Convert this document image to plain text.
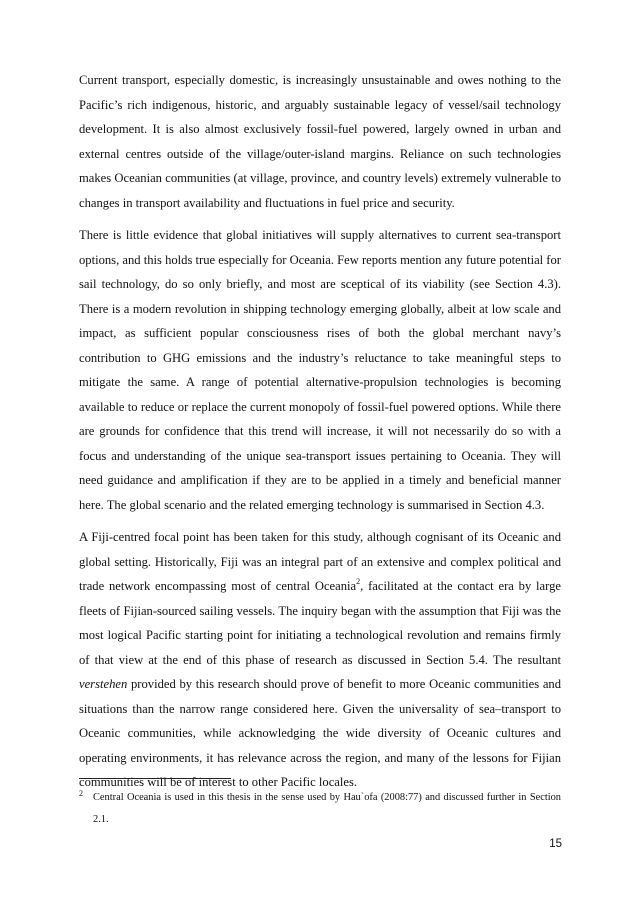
Current transport, especially domestic, is increasingly unsustainable and owes nothing to the Pacific’s rich indigenous, historic, and arguably sustainable legacy of vessel/sail technology development. It is also almost exclusively fossil-fuel powered, largely owned in urban and external centres outside of the village/outer-island margins. Reliance on such technologies makes Oceanian communities (at village, province, and country levels) extremely vulnerable to changes in transport availability and fluctuations in fuel price and security.

There is little evidence that global initiatives will supply alternatives to current sea-transport options, and this holds true especially for Oceania. Few reports mention any future potential for sail technology, do so only briefly, and most are sceptical of its viability (see Section 4.3). There is a modern revolution in shipping technology emerging globally, albeit at low scale and impact, as sufficient popular consciousness rises of both the global merchant navy’s contribution to GHG emissions and the industry’s reluctance to take meaningful steps to mitigate the same. A range of potential alternative-propulsion technologies is becoming available to reduce or replace the current monopoly of fossil-fuel powered options. While there are grounds for confidence that this trend will increase, it will not necessarily do so with a focus and understanding of the unique sea-transport issues pertaining to Oceania. They will need guidance and amplification if they are to be applied in a timely and beneficial manner here. The global scenario and the related emerging technology is summarised in Section 4.3.

A Fiji-centred focal point has been taken for this study, although cognisant of its Oceanic and global setting. Historically, Fiji was an integral part of an extensive and complex political and trade network encompassing most of central Oceania$^2$, facilitated at the contact era by large fleets of Fijian-sourced sailing vessels. The inquiry began with the assumption that Fiji was the most logical Pacific starting point for initiating a technological revolution and remains firmly of that view at the end of this phase of research as discussed in Section 5.4. The resultant verstehen provided by this research should prove of benefit to more Oceanic communities and situations than the narrow range considered here. Given the universality of sea–transport to Oceanic communities, while acknowledging the wide diversity of Oceanic cultures and operating environments, it has relevance across the region, and many of the lessons for Fijian communities will be of interest to other Pacific locales.

2 Central Oceania is used in this thesis in the sense used by Hau`ofa (2008:77) and discussed further in Section 2.1.
15
